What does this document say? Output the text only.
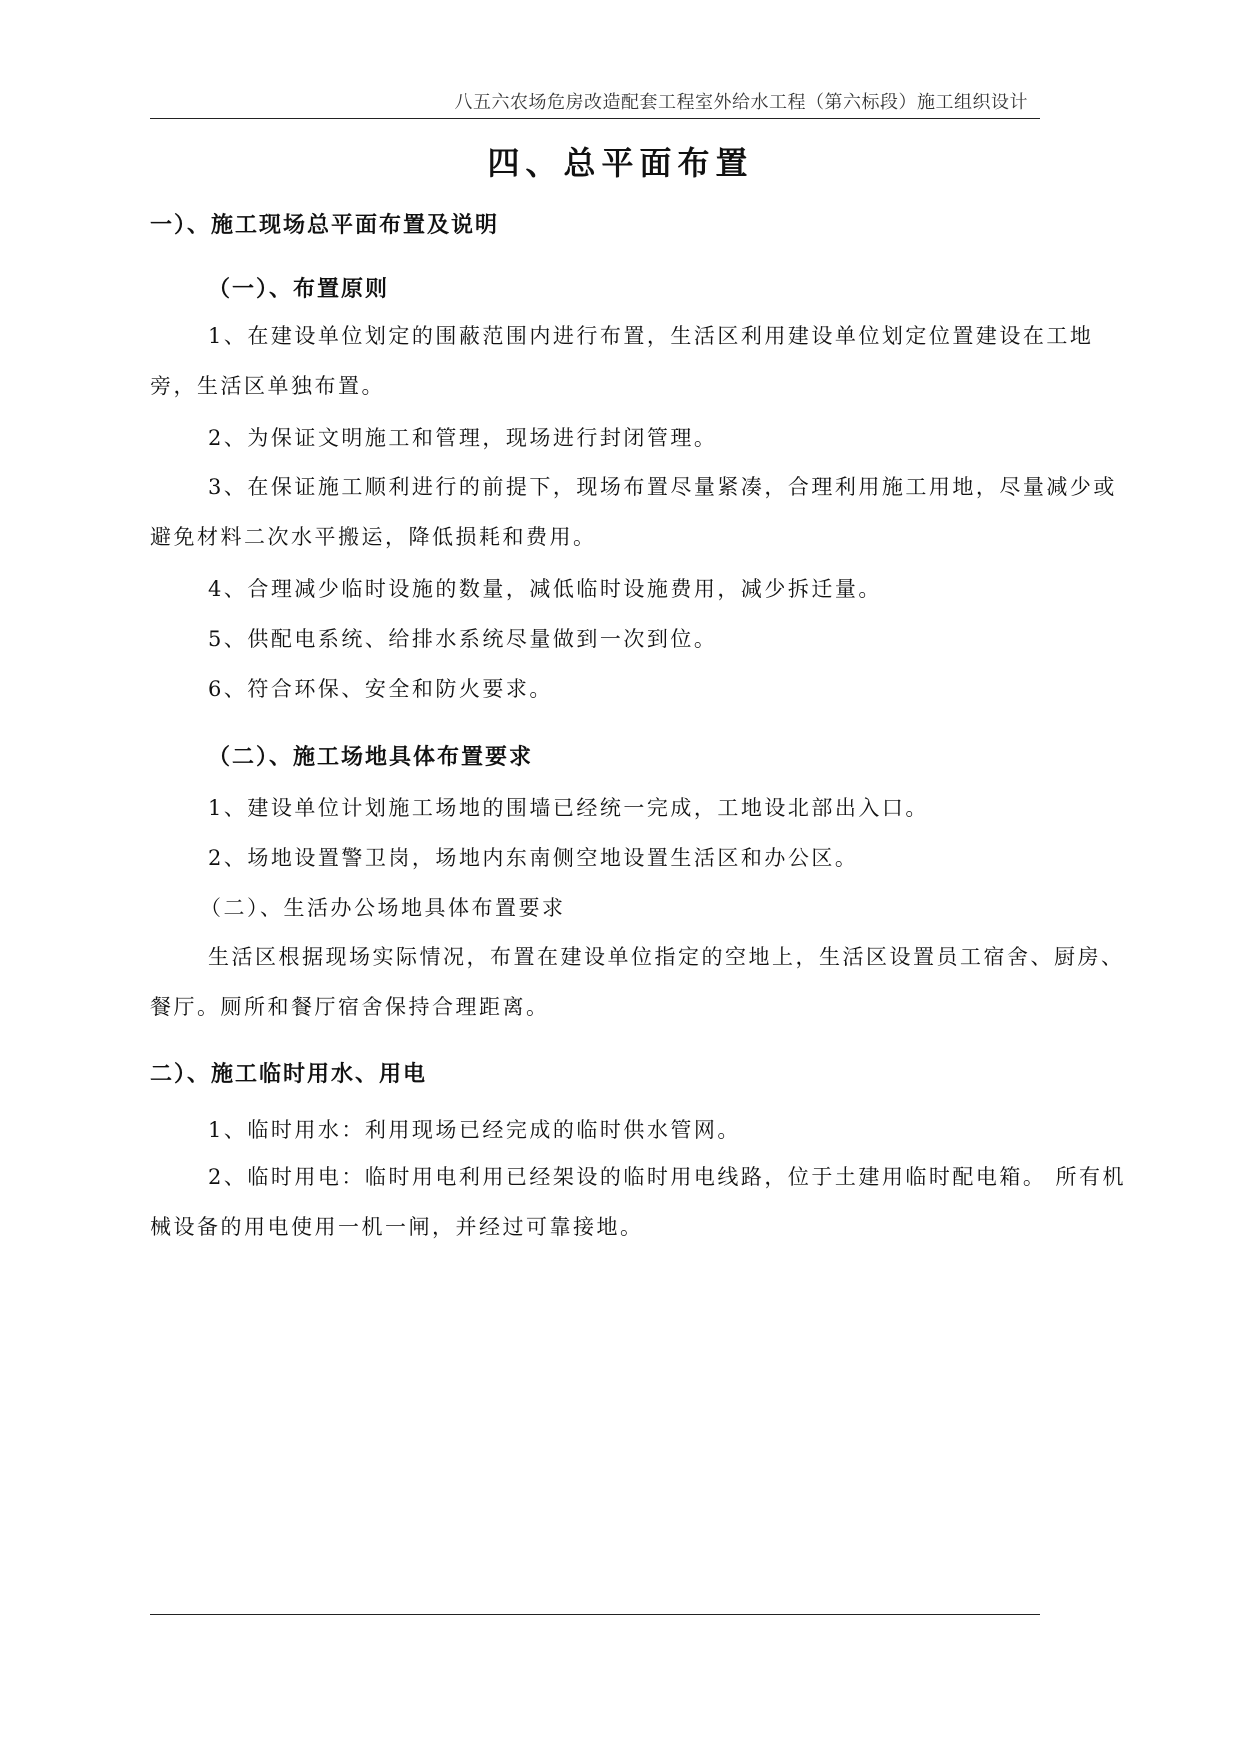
八五六农场危房改造配套工程室外给水工程（第六标段）施工组织设计
四、总平面布置
一）、施工现场总平面布置及说明
（一）、布置原则

1、在建设单位划定的围蔽范围内进行布置，生活区利用建设单位划定位置建设在工地旁，生活区单独布置。

2、为保证文明施工和管理，现场进行封闭管理。

3、在保证施工顺利进行的前提下，现场布置尽量紧凑，合理利用施工用地，尽量减少或避免材料二次水平搬运，降低损耗和费用。

4、合理减少临时设施的数量，减低临时设施费用，减少拆迁量。

5、供配电系统、给排水系统尽量做到一次到位。

6、符合环保、安全和防火要求。

（二）、施工场地具体布置要求

1、建设单位计划施工场地的围墙已经统一完成，工地设北部出入口。

2、场地设置警卫岗，场地内东南侧空地设置生活区和办公区。

（二）、生活办公场地具体布置要求

生活区根据现场实际情况，布置在建设单位指定的空地上，生活区设置员工宿舍、厨房、餐厅。厕所和餐厅宿舍保持合理距离。

二）、施工临时用水、用电

1、临时用水：利用现场已经完成的临时供水管网。

2、临时用电：临时用电利用已经架设的临时用电线路，位于土建用临时配电箱。 所有机械设备的用电使用一机一闸，并经过可靠接地。
